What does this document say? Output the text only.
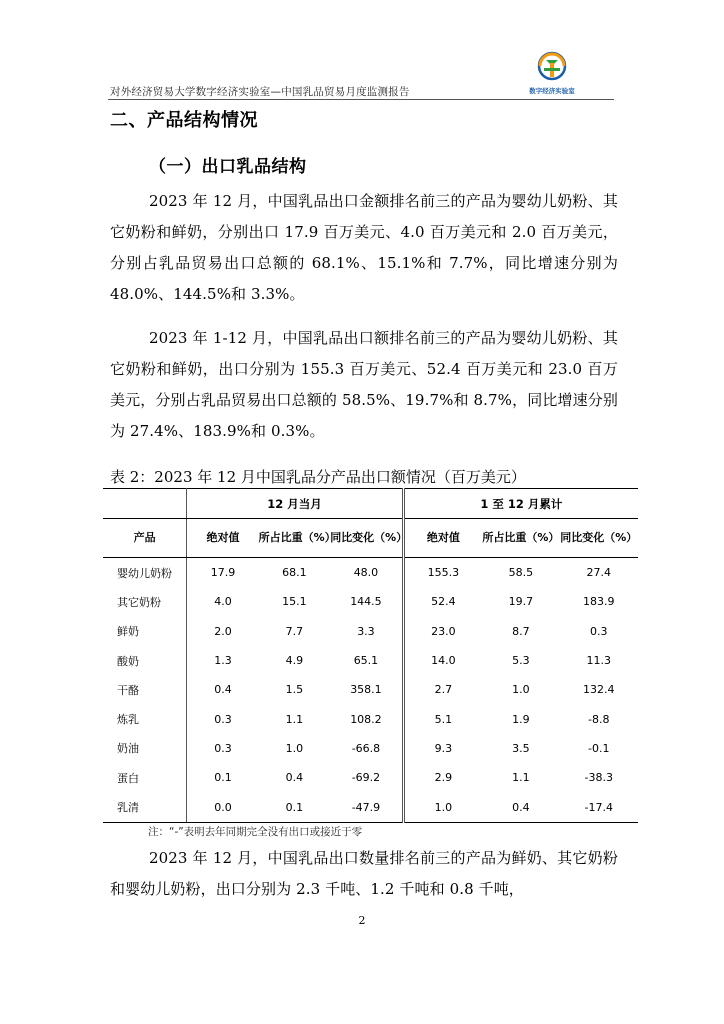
对外经济贸易大学数字经济实验室—中国乳品贸易月度监测报告	数字经济实验室
二、产品结构情况
（一）出口乳品结构

2023 年 12 月，中国乳品出口金额排名前三的产品为婴幼儿奶粉、其它奶粉和鲜奶，分别出口 17.9 百万美元、4.0 百万美元和 2.0 百万美元，分别占乳品贸易出口总额的 68.1%、15.1%和 7.7%，同比增速分别为 48.0%、144.5%和 3.3%。

2023 年 1-12 月，中国乳品出口额排名前三的产品为婴幼儿奶粉、其它奶粉和鲜奶，出口分别为 155.3 百万美元、52.4 百万美元和 23.0 百万美元，分别占乳品贸易出口总额的 58.5%、19.7%和 8.7%，同比增速分别为 27.4%、183.9%和 0.3%。

表 2：2023 年 12 月中国乳品分产品出口额情况（百万美元）
	12 月当月			1 至 12 月累计		
产品	绝对值	所占比重（%）	同比变化（%）	绝对值	所占比重（%）	同比变化（%）
婴幼儿奶粉	17.9	68.1	48.0	155.3	58.5	27.4
其它奶粉	4.0	15.1	144.5	52.4	19.7	183.9
鲜奶	2.0	7.7	3.3	23.0	8.7	0.3
酸奶	1.3	4.9	65.1	14.0	5.3	11.3
干酪	0.4	1.5	358.1	2.7	1.0	132.4
炼乳	0.3	1.1	108.2	5.1	1.9	-8.8
奶油	0.3	1.0	-66.8	9.3	3.5	-0.1
蛋白	0.1	0.4	-69.2	2.9	1.1	-38.3
乳清	0.0	0.1	-47.9	1.0	0.4	-17.4
注：“-”表明去年同期完全没有出口或接近于零

2023 年 12 月，中国乳品出口数量排名前三的产品为鲜奶、其它奶粉和婴幼儿奶粉，出口分别为 2.3 千吨、1.2 千吨和 0.8 千吨，

2
